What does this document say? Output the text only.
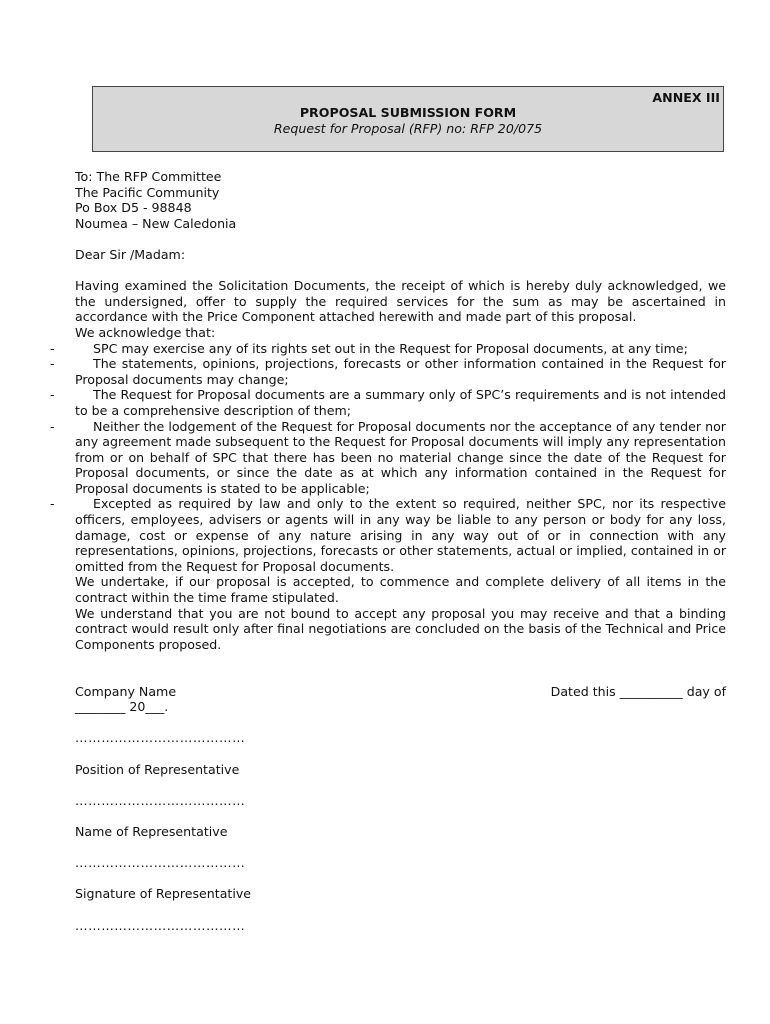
ANNEX III
PROPOSAL SUBMISSION FORM
Request for Proposal (RFP) no: RFP 20/075

To: The RFP Committee

The Pacific Community

Po Box D5 - 98848

Noumea – New Caledonia

Dear Sir /Madam:

Having examined the Solicitation Documents, the receipt of which is hereby duly acknowledged, we the undersigned, offer to supply the required services for the sum as may be ascertained in accordance with the Price Component attached herewith and made part of this proposal.

We acknowledge that:

-	SPC may exercise any of its rights set out in the Request for Proposal documents, at any time;
-	The statements, opinions, projections, forecasts or other information contained in the Request for Proposal documents may change;
-	The Request for Proposal documents are a summary only of SPC’s requirements and is not intended to be a comprehensive description of them;
-	Neither the lodgement of the Request for Proposal documents nor the acceptance of any tender nor any agreement made subsequent to the Request for Proposal documents will imply any representation from or on behalf of SPC that there has been no material change since the date of the Request for Proposal documents, or since the date as at which any information contained in the Request for Proposal documents is stated to be applicable;
-	Excepted as required by law and only to the extent so required, neither SPC, nor its respective officers, employees, advisers or agents will in any way be liable to any person or body for any loss, damage, cost or expense of any nature arising in any way out of or in connection with any representations, opinions, projections, forecasts or other statements, actual or implied, contained in or omitted from the Request for Proposal documents.

We undertake, if our proposal is accepted, to commence and complete delivery of all items in the contract within the time frame stipulated.

We understand that you are not bound to accept any proposal you may receive and that a binding contract would result only after final negotiations are concluded on the basis of the Technical and Price Components proposed.

Company Name	Dated this __________ day of

________ 20___.

…………………………………

Position of Representative

…………………………………

Name of Representative

…………………………………

Signature of Representative

…………………………………
